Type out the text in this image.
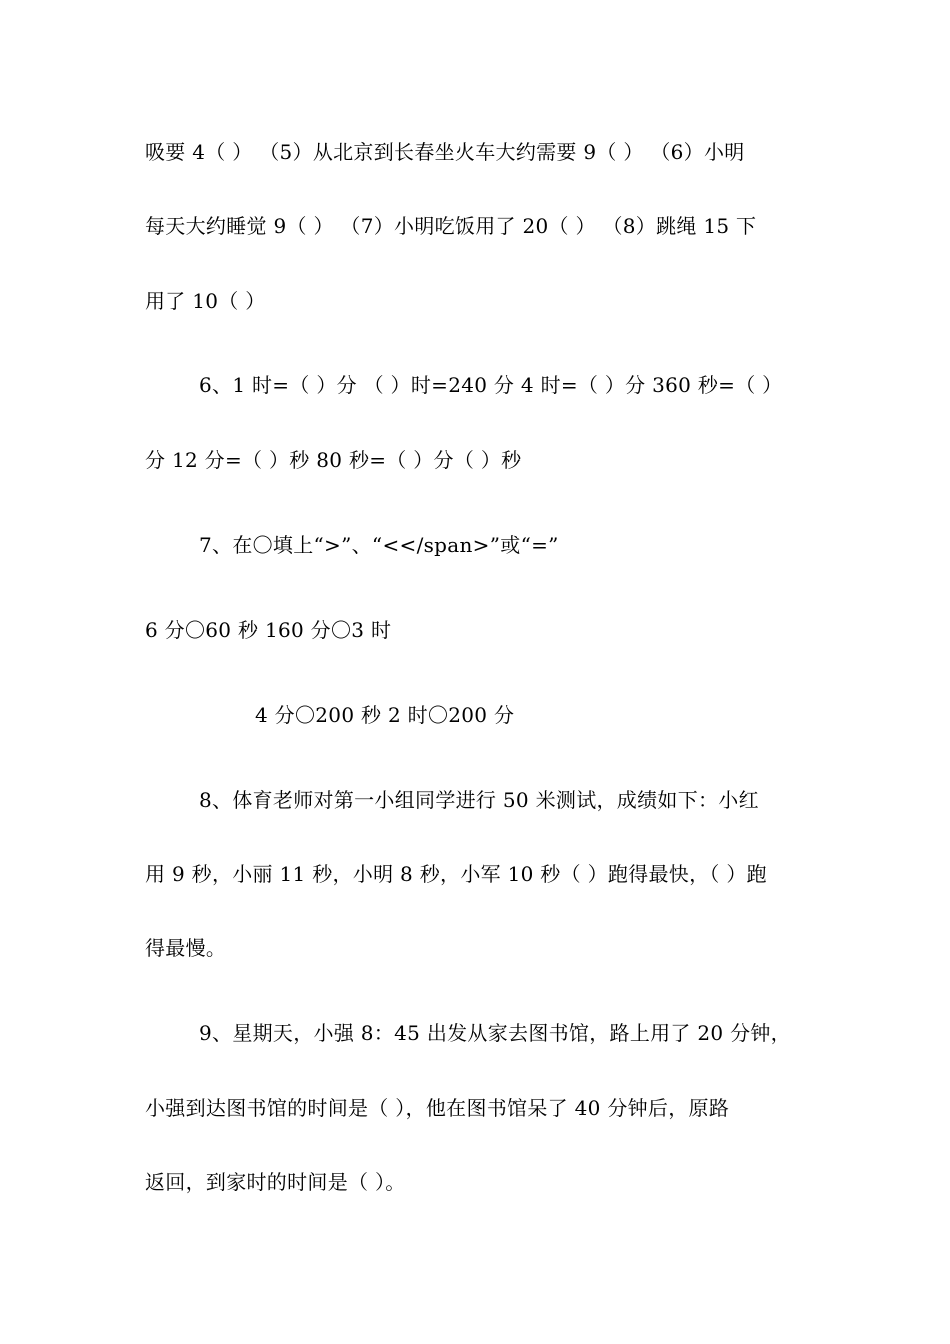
吸要 4（ ） （5）从北京到长春坐火车大约需要 9（ ） （6）小明
每天大约睡觉 9（ ） （7）小明吃饭用了 20（ ） （8）跳绳 15 下
用了 10（ ）
6、1 时=（ ）分 （ ）时=240 分 4 时=（ ）分 360 秒=（ ）
分 12 分=（ ）秒 80 秒=（ ）分（ ）秒
7、在〇填上“>”、“<</span>”或“=”
6 分〇60 秒 160 分〇3 时
4 分〇200 秒 2 时〇200 分
8、体育老师对第一小组同学进行 50 米测试，成绩如下：小红
用 9 秒，小丽 11 秒，小明 8 秒，小军 10 秒（ ）跑得最快，（ ）跑
得最慢。
9、星期天，小强 8：45 出发从家去图书馆，路上用了 20 分钟，
小强到达图书馆的时间是（ ），他在图书馆呆了 40 分钟后，原路
返回，到家时的时间是（ ）。
